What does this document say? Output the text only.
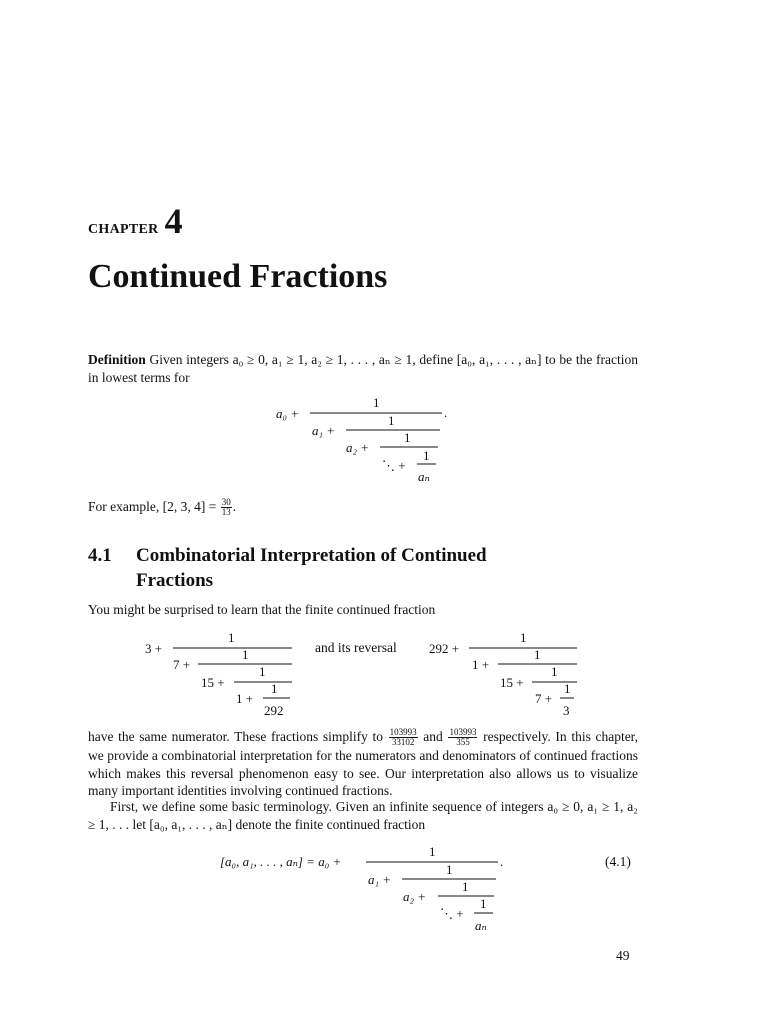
CHAPTER 4
Continued Fractions
Definition Given integers a₀ ≥ 0, a₁ ≥ 1, a₂ ≥ 1, . . . , aₙ ≥ 1, define [a₀, a₁, . . . , aₙ] to be the fraction in lowest terms for
a₀ +
1
.
a₁ +
1
a₂ +
1
⋱ +
1
aₙ
For example, [2, 3, $4] = \frac{30}{13}$ .
4.1	Combinatorial Interpretation of Continued Fractions
You might be surprised to learn that the finite continued fraction
3 +
1
7 +
1
15 +
1
1 +
1
292
and its reversal 292 +
1
1 +
1
15 +
1
7 +
1
3
have the same numerator. These fractions simplify to $\frac{103993}{33102}$ and $\frac{103993}{355}$ respectively. In this chapter, we provide a combinatorial interpretation for the numerators and denominators of continued fractions which makes this reversal phenomenon easy to see. Our interpretation also allows us to visualize many important identities involving continued fractions.
First, we define some basic terminology. Given an infinite sequence of integers a₀ ≥ 0, a₁ ≥ 1, a₂ ≥ 1, . . . let [a₀, a₁, . . . , aₙ] denote the finite continued fraction
[a₀, a₁, . . . , aₙ] = a₀ +
1
.
a₁ +
1
a₂ +
1
⋱ +
1
aₙ
(4.1)
49
